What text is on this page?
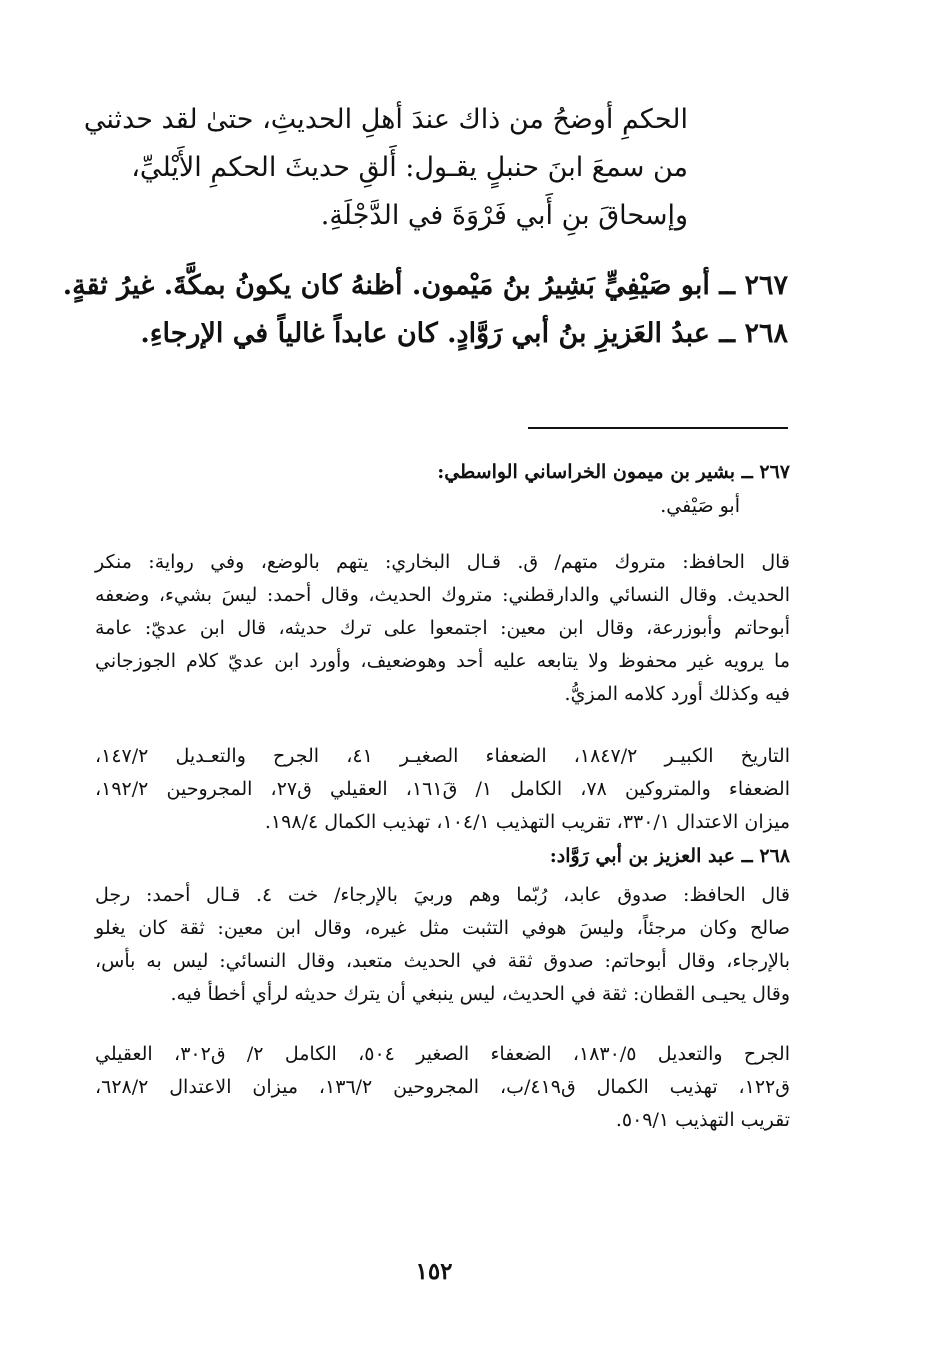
الحكمِ أوضحُ من ذاك عندَ أهلِ الحديثِ، حتىٰ لقد حدثني
من سمعَ ابنَ حنبلٍ يقـول: أَلقِ حديثَ الحكمِ الأَيْليِّ،
وإسحاقَ بنِ أَبي فَرْوَةَ في الدَّجْلَةِ.
٢٦٧ ــ أبو صَيْفِيٍّ بَشِيرُ بنُ مَيْمون. أظنهُ كان يكونُ بمكَّةَ. غيرُ ثقةٍ.
٢٦٨ ــ عبدُ العَزيزِ بنُ أبي رَوَّادٍ. كان عابداً غالياً في الإرجاءِ.
٢٦٧ ــ بشير بن ميمون الخراساني الواسطي:
أبو صَيْفي.
قال الحافظ: متروك متهم/ ق. قـال البخاري: يتهم بالوضع، وفي رواية: منكر
الحديث. وقال النسائي والدارقطني: متروك الحديث، وقال أحمد: ليسَ بشيء، وضعفه
أبوحاتم وأبوزرعة، وقال ابن معين: اجتمعوا على ترك حديثه، قال ابن عديّ: عامة
ما يرويه غير محفوظ ولا يتابعه عليه أحد وهوضعيف، وأورد ابن عديّ كلام الجوزجاني
فيه وكذلك أورد كلامه المزيُّ.
التاريخ الكبيـر ١٨٤٧/٢، الضعفاء الصغيـر ٤١، الجرح والتعـديل ١٤٧/٢،
الضعفاء والمتروكين ٧٨، الكامل ١/ قَ١٦١، العقيلي ق٢٧، المجروحين ١٩٢/٢،
ميزان الاعتدال ٣٣٠/١، تقريب التهذيب ١٠٤/١، تهذيب الكمال ١٩٨/٤.
٢٦٨ ــ عبد العزيز بن أبي رَوَّاد:
قال الحافظ: صدوق عابد، رُبّما وهم وربيَ بالإرجاء/ خت ٤. قـال أحمد: رجل
صالح وكان مرجئاً، وليسَ هوفي التثبت مثل غيره، وقال ابن معين: ثقة كان يغلو
بالإرجاء، وقال أبوحاتم: صدوق ثقة في الحديث متعبد، وقال النسائي: ليس به بأس،
وقال يحيـى القطان: ثقة في الحديث، ليس ينبغي أن يترك حديثه لرأي أخطأ فيه.
الجرح والتعديل ١٨٣٠/٥، الضعفاء الصغير ٥٠٤، الكامل ٢/ ق٣٠٢، العقيلي
ق١٢٢، تهذيب الكمال ق٤١٩/ب، المجروحين ١٣٦/٢، ميزان الاعتدال ٦٢٨/٢،
تقريب التهذيب ٥٠٩/١.
١٥٢
